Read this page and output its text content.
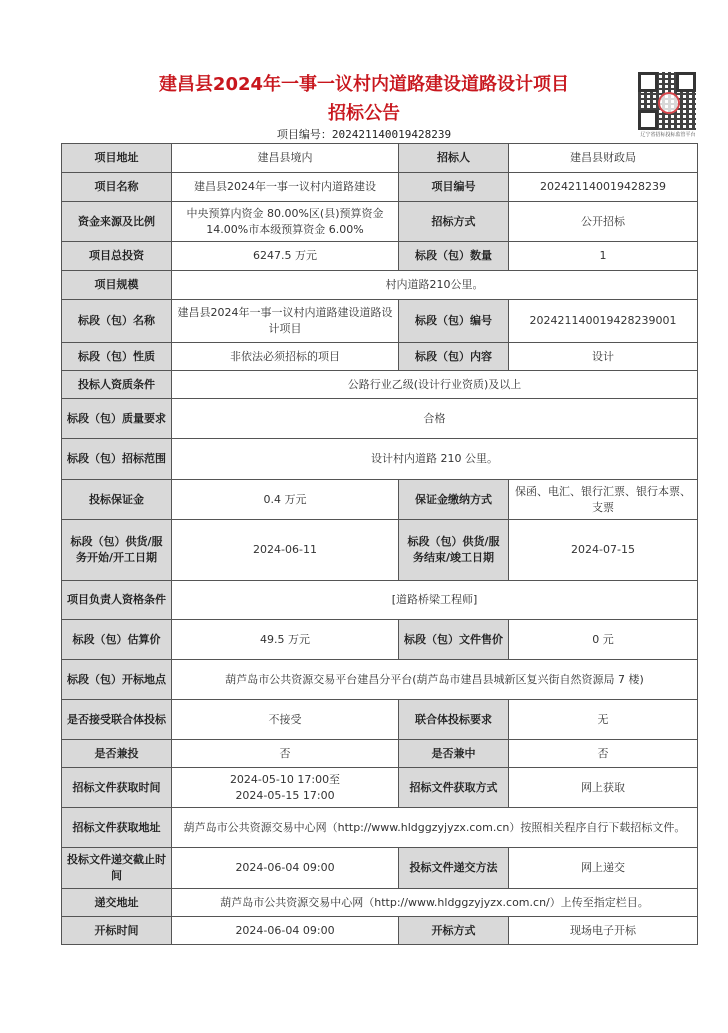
建昌县2024年一事一议村内道路建设道路设计项目
招标公告
项目编号：202421140019428239	辽宁省招标投标监管平台
项目地址	建昌县境内	招标人	建昌县财政局
项目名称	建昌县2024年一事一议村内道路建设	项目编号	202421140019428239
资金来源及比例	中央预算内资金 80.00%区(县)预算资金 14.00%市本级预算资金 6.00%	招标方式	公开招标
项目总投资	6247.5 万元	标段（包）数量	1
项目规模	村内道路210公里。		
标段（包）名称	建昌县2024年一事一议村内道路建设道路设计项目	标段（包）编号	202421140019428239001
标段（包）性质	非依法必须招标的项目	标段（包）内容	设计
投标人资质条件	公路行业乙级(设计行业资质)及以上		
标段（包）质量要求	合格		
标段（包）招标范围	设计村内道路 210 公里。		
投标保证金	0.4 万元	保证金缴纳方式	保函、电汇、银行汇票、银行本票、支票
标段（包）供货/服务开始/开工日期	2024-06-11	标段（包）供货/服务结束/竣工日期	2024-07-15
项目负责人资格条件	[道路桥梁工程师]		
标段（包）估算价	49.5 万元	标段（包）文件售价	0 元
标段（包）开标地点	葫芦岛市公共资源交易平台建昌分平台(葫芦岛市建昌县城新区复兴街自然资源局 7 楼)		
是否接受联合体投标	不接受	联合体投标要求	无
是否兼投	否	是否兼中	否
招标文件获取时间	2024-05-10 17:00至
2024-05-15 17:00	招标文件获取方式	网上获取
招标文件获取地址	葫芦岛市公共资源交易中心网（http://www.hldggzyjyzx.com.cn）按照相关程序自行下载招标文件。		
投标文件递交截止时间	2024-06-04 09:00	投标文件递交方法	网上递交
递交地址	葫芦岛市公共资源交易中心网（http://www.hldggzyjyzx.com.cn/）上传至指定栏目。		
开标时间	2024-06-04 09:00	开标方式	现场电子开标
